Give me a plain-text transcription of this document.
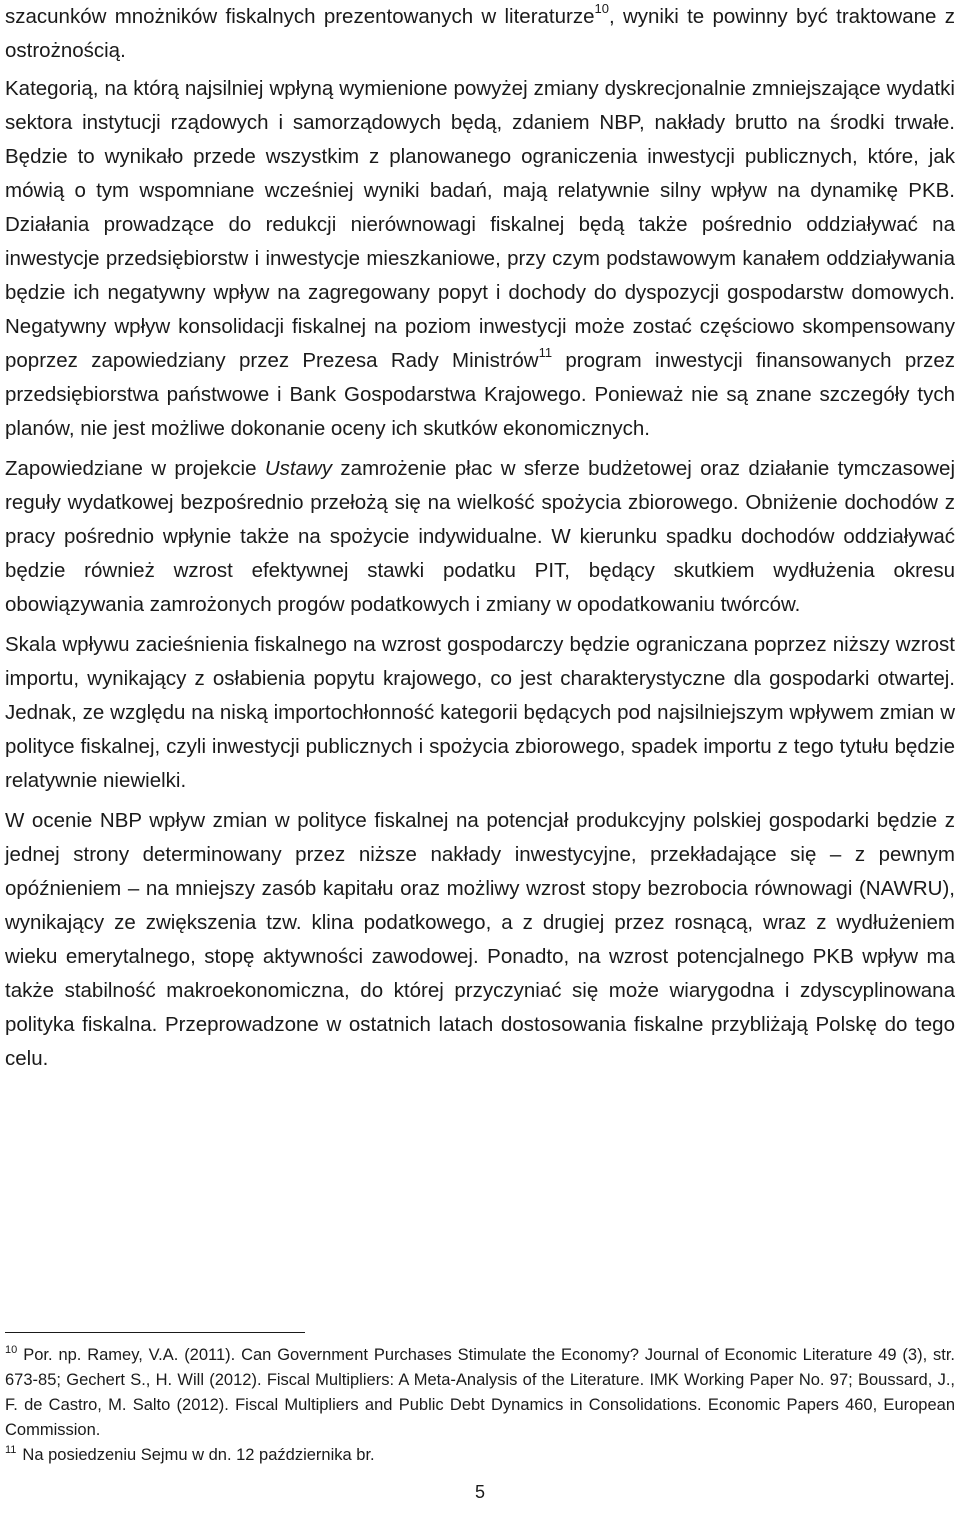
szacunków mnożników fiskalnych prezentowanych w literaturze$^{10}$, wyniki te powinny być traktowane z ostrożnością.

Kategorią, na którą najsilniej wpłyną wymienione powyżej zmiany dyskrecjonalnie zmniejszające wydatki sektora instytucji rządowych i samorządowych będą, zdaniem NBP, nakłady brutto na środki trwałe. Będzie to wynikało przede wszystkim z planowanego ograniczenia inwestycji publicznych, które, jak mówią o tym wspomniane wcześniej wyniki badań, mają relatywnie silny wpływ na dynamikę PKB. Działania prowadzące do redukcji nierównowagi fiskalnej będą także pośrednio oddziaływać na inwestycje przedsiębiorstw i inwestycje mieszkaniowe, przy czym podstawowym kanałem oddziaływania będzie ich negatywny wpływ na zagregowany popyt i dochody do dyspozycji gospodarstw domowych. Negatywny wpływ konsolidacji fiskalnej na poziom inwestycji może zostać częściowo skompensowany poprzez zapowiedziany przez Prezesa Rady Ministrów$^{11}$ program inwestycji finansowanych przez przedsiębiorstwa państwowe i Bank Gospodarstwa Krajowego. Ponieważ nie są znane szczegóły tych planów, nie jest możliwe dokonanie oceny ich skutków ekonomicznych.

Zapowiedziane w projekcie Ustawy zamrożenie płac w sferze budżetowej oraz działanie tymczasowej reguły wydatkowej bezpośrednio przełożą się na wielkość spożycia zbiorowego. Obniżenie dochodów z pracy pośrednio wpłynie także na spożycie indywidualne. W kierunku spadku dochodów oddziaływać będzie również wzrost efektywnej stawki podatku PIT, będący skutkiem wydłużenia okresu obowiązywania zamrożonych progów podatkowych i zmiany w opodatkowaniu twórców.

Skala wpływu zacieśnienia fiskalnego na wzrost gospodarczy będzie ograniczana poprzez niższy wzrost importu, wynikający z osłabienia popytu krajowego, co jest charakterystyczne dla gospodarki otwartej. Jednak, ze względu na niską importochłonność kategorii będących pod najsilniejszym wpływem zmian w polityce fiskalnej, czyli inwestycji publicznych i spożycia zbiorowego, spadek importu z tego tytułu będzie relatywnie niewielki.

W ocenie NBP wpływ zmian w polityce fiskalnej na potencjał produkcyjny polskiej gospodarki będzie z jednej strony determinowany przez niższe nakłady inwestycyjne, przekładające się – z pewnym opóźnieniem – na mniejszy zasób kapitału oraz możliwy wzrost stopy bezrobocia równowagi (NAWRU), wynikający ze zwiększenia tzw. klina podatkowego, a z drugiej przez rosnącą, wraz z wydłużeniem wieku emerytalnego, stopę aktywności zawodowej. Ponadto, na wzrost potencjalnego PKB wpływ ma także stabilność makroekonomiczna, do której przyczyniać się może wiarygodna i zdyscyplinowana polityka fiskalna. Przeprowadzone w ostatnich latach dostosowania fiskalne przybliżają Polskę do tego celu.

$^{10}$ Por. np. Ramey, V.A. (2011). Can Government Purchases Stimulate the Economy? Journal of Economic Literature 49 (3), str. 673-85; Gechert S., H. Will (2012). Fiscal Multipliers: A Meta-Analysis of the Literature. IMK Working Paper No. 97; Boussard, J., F. de Castro, M. Salto (2012). Fiscal Multipliers and Public Debt Dynamics in Consolidations. Economic Papers 460, European Commission.

$^{11}$ Na posiedzeniu Sejmu w dn. 12 października br.

5
